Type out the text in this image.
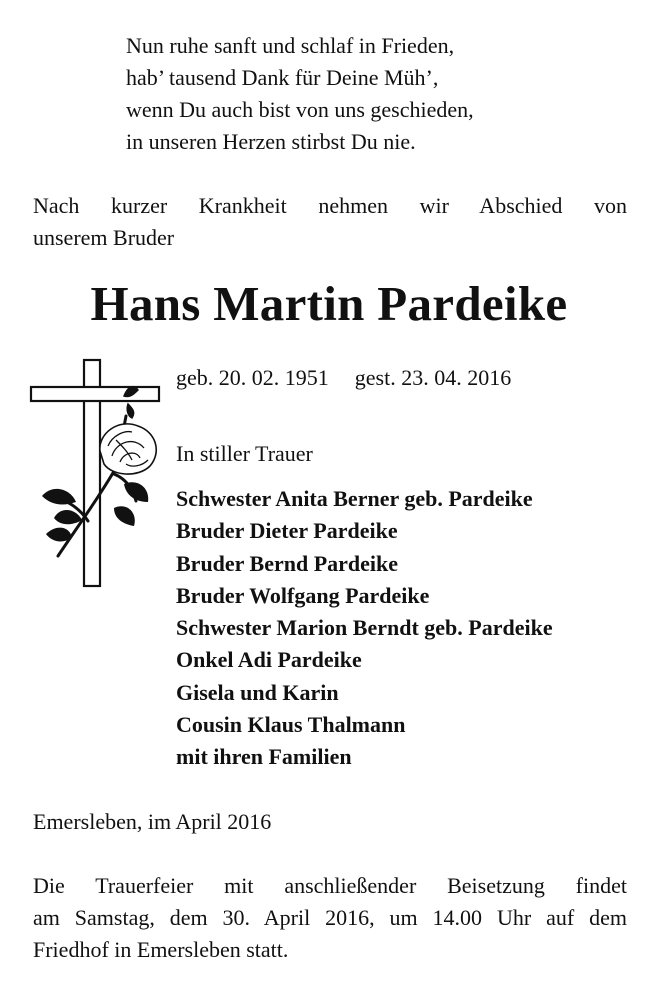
Nun ruhe sanft und schlaf in Frieden,
hab’ tausend Dank für Deine Müh’,
wenn Du auch bist von uns geschieden,
in unseren Herzen stirbst Du nie.
Nach kurzer Krankheit nehmen wir Abschied von
unserem Bruder
Hans Martin Pardeike
geb. 20. 02. 1951 gest. 23. 04. 2016
In stiller Trauer
Schwester Anita Berner geb. Pardeike
Bruder Dieter Pardeike
Bruder Bernd Pardeike
Bruder Wolfgang Pardeike
Schwester Marion Berndt geb. Pardeike
Onkel Adi Pardeike
Gisela und Karin
Cousin Klaus Thalmann
mit ihren Familien
Emersleben, im April 2016
Die Trauerfeier mit anschließender Beisetzung findet
am Samstag, dem 30. April 2016, um 14.00 Uhr auf dem
Friedhof in Emersleben statt.
